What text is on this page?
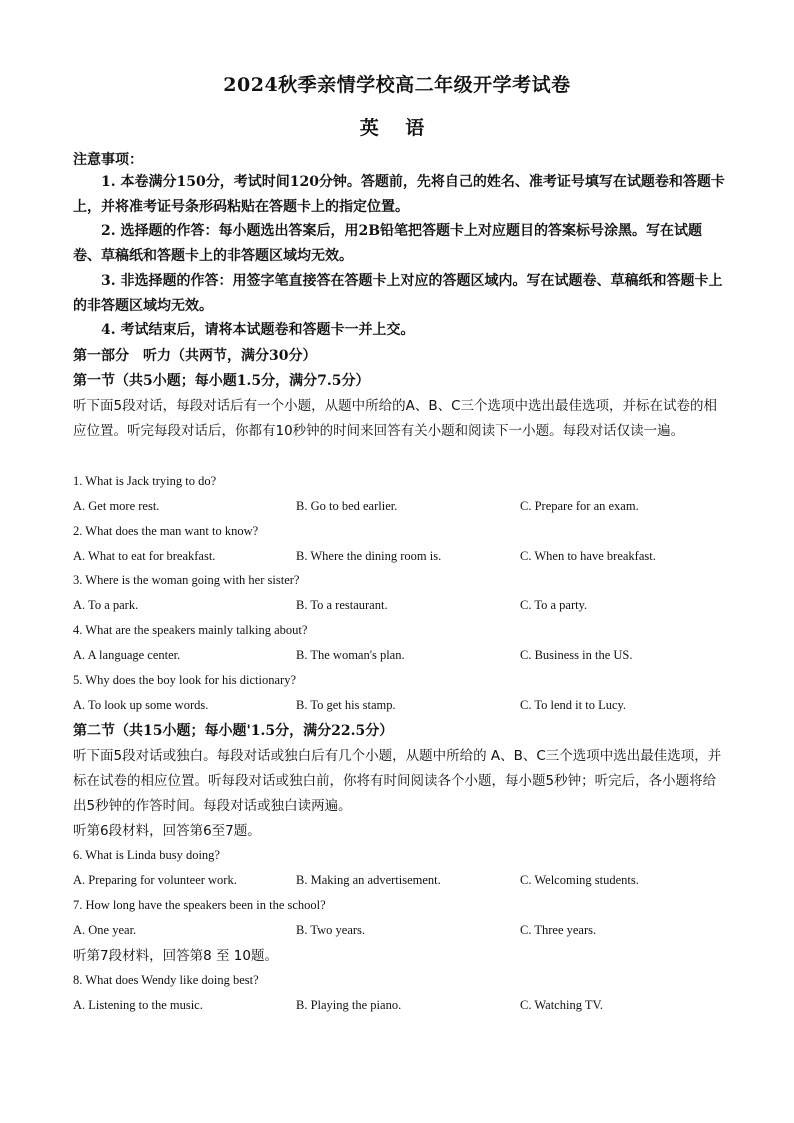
2024秋季亲情学校高二年级开学考试卷
英 语
注意事项：
1. 本卷满分150分，考试时间120分钟。答题前，先将自己的姓名、准考证号填写在试题卷和答题卡上，并将准考证号条形码粘贴在答题卡上的指定位置。
2. 选择题的作答：每小题选出答案后，用2B铅笔把答题卡上对应题目的答案标号涂黑。写在试题卷、草稿纸和答题卡上的非答题区域均无效。
3. 非选择题的作答：用签字笔直接答在答题卡上对应的答题区域内。写在试题卷、草稿纸和答题卡上的非答题区域均无效。
4. 考试结束后，请将本试题卷和答题卡一并上交。
第一部分　听力（共两节，满分30分）
第一节（共5小题；每小题1.5分，满分7.5分）
听下面5段对话，每段对话后有一个小题，从题中所给的A、B、C三个选项中选出最佳选项，并标在试卷的相应位置。听完每段对话后，你都有10秒钟的时间来回答有关小题和阅读下一小题。每段对话仅读一遍。
1. What is Jack trying to do?
A. Get more rest.	B. Go to bed earlier.	C. Prepare for an exam.
2. What does the man want to know?
A. What to eat for breakfast.	B. Where the dining room is.	C. When to have breakfast.
3. Where is the woman going with her sister?
A. To a park.	B. To a restaurant.	C. To a party.
4. What are the speakers mainly talking about?
A. A language center.	B. The woman's plan.	C. Business in the US.
5. Why does the boy look for his dictionary?
A. To look up some words.	B. To get his stamp.	C. To lend it to Lucy.
第二节（共15小题；每小题'1.5分，满分22.5分）
听下面5段对话或独白。每段对话或独白后有几个小题，从题中所给的 A、B、C三个选项中选出最佳选项，并标在试卷的相应位置。听每段对话或独白前，你将有时间阅读各个小题，每小题5秒钟；听完后，各小题将给出5秒钟的作答时间。每段对话或独白读两遍。
听第6段材料，回答第6至7题。
6. What is Linda busy doing?
A. Preparing for volunteer work.	B. Making an advertisement.	C. Welcoming students.
7. How long have the speakers been in the school?
A. One year.	B. Two years.	C. Three years.
听第7段材料，回答第8 至 10题。
8. What does Wendy like doing best?
A. Listening to the music.	B. Playing the piano.	C. Watching TV.
